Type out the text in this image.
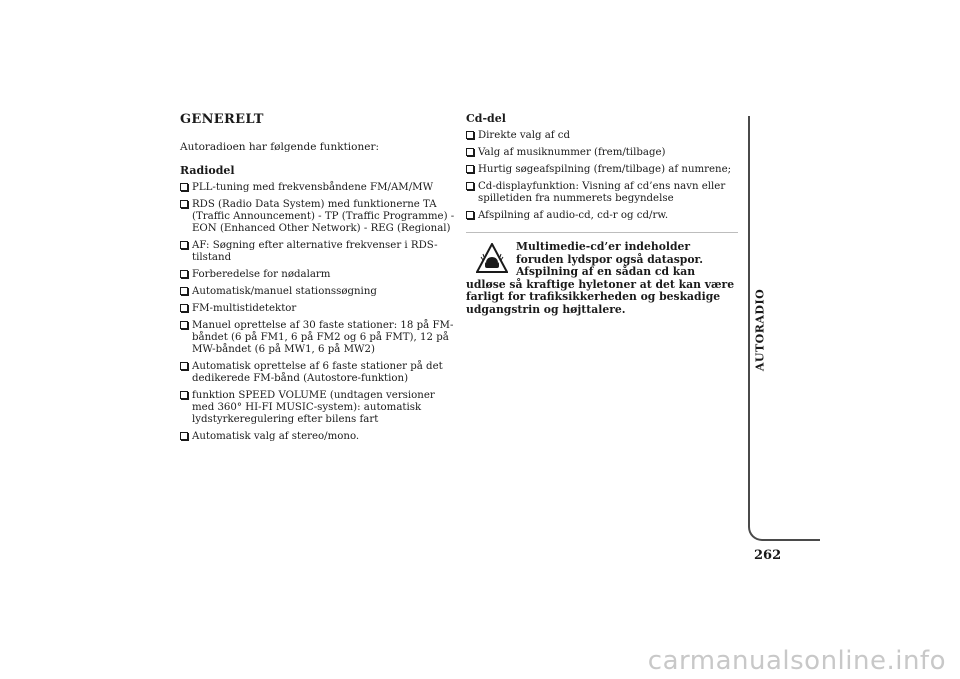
GENERELT

Autoradioen har følgende funktioner:

Radiodel
PLL-tuning med frekvensbåndene FM/AM/MW
RDS (Radio Data System) med funktionerne TA (Traffic Announcement) - TP (Traffic Programme) - EON (Enhanced Other Network) - REG (Regional)
AF: Søgning efter alternative frekvenser i RDS-tilstand
Forberedelse for nødalarm
Automatisk/manuel stationssøgning
FM-multistidetektor
Manuel oprettelse af 30 faste stationer: 18 på FM-båndet (6 på FM1, 6 på FM2 og 6 på FMT), 12 på MW-båndet (6 på MW1, 6 på MW2)
Automatisk oprettelse af 6 faste stationer på det dedikerede FM-bånd (Autostore-funktion)
funktion SPEED VOLUME (undtagen versioner med 360° HI-FI MUSIC-system): automatisk lydstyrkeregulering efter bilens fart
Automatisk valg af stereo/mono.
Cd-del
Direkte valg af cd
Valg af musiknummer (frem/tilbage)
Hurtig søgeafspilning (frem/tilbage) af numrene;
Cd-displayfunktion: Visning af cd’ens navn eller spilletiden fra nummerets begyndelse
Afspilning af audio-cd, cd-r og cd/rw.
Multimedie-cd’er indeholder foruden lydspor også dataspor. Afspilning af en sådan cd kan udløse så kraftige hyletoner at det kan være farligt for trafiksikkerheden og beskadige udgangstrin og højttalere.	AUTORADIO
262
carmanualsonline.info
